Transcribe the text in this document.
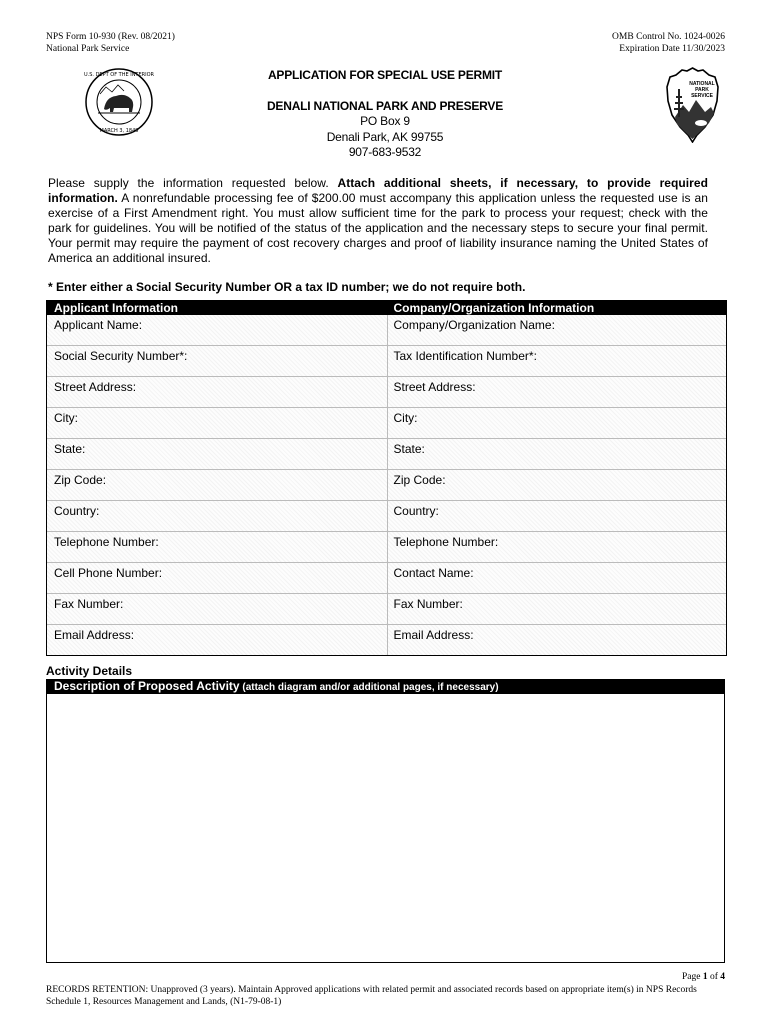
NPS Form 10-930 (Rev. 08/2021)
National Park Service
OMB Control No. 1024-0026
Expiration Date 11/30/2023
U.S. DEPT OF THE INTERIOR
MARCH 3, 1849
NATIONAL
PARK
SERVICE
APPLICATION FOR SPECIAL USE PERMIT
DENALI NATIONAL PARK AND PRESERVE
PO Box 9
Denali Park, AK 99755
907-683-9532
Please supply the information requested below. Attach additional sheets, if necessary, to provide required information. A nonrefundable processing fee of $200.00 must accompany this application unless the requested use is an exercise of a First Amendment right. You must allow sufficient time for the park to process your request; check with the park for guidelines. You will be notified of the status of the application and the necessary steps to secure your final permit. Your permit may require the payment of cost recovery charges and proof of liability insurance naming the United States of America an additional insured.
* Enter either a Social Security Number OR a tax ID number; we do not require both.
Applicant Information	Company/Organization Information
Applicant Name:	Company/Organization Name:
Social Security Number*:	Tax Identification Number*:
Street Address:	Street Address:
City:	City:
State:	State:
Zip Code:	Zip Code:
Country:	Country:
Telephone Number:	Telephone Number:
Cell Phone Number:	Contact Name:
Fax Number:	Fax Number:
Email Address:	Email Address:
Activity Details
Description of Proposed Activity (attach diagram and/or additional pages, if necessary)
Page 1 of 4
RECORDS RETENTION: Unapproved (3 years). Maintain Approved applications with related permit and associated records based on appropriate item(s) in NPS Records Schedule 1, Resources Management and Lands, (N1-79-08-1)
